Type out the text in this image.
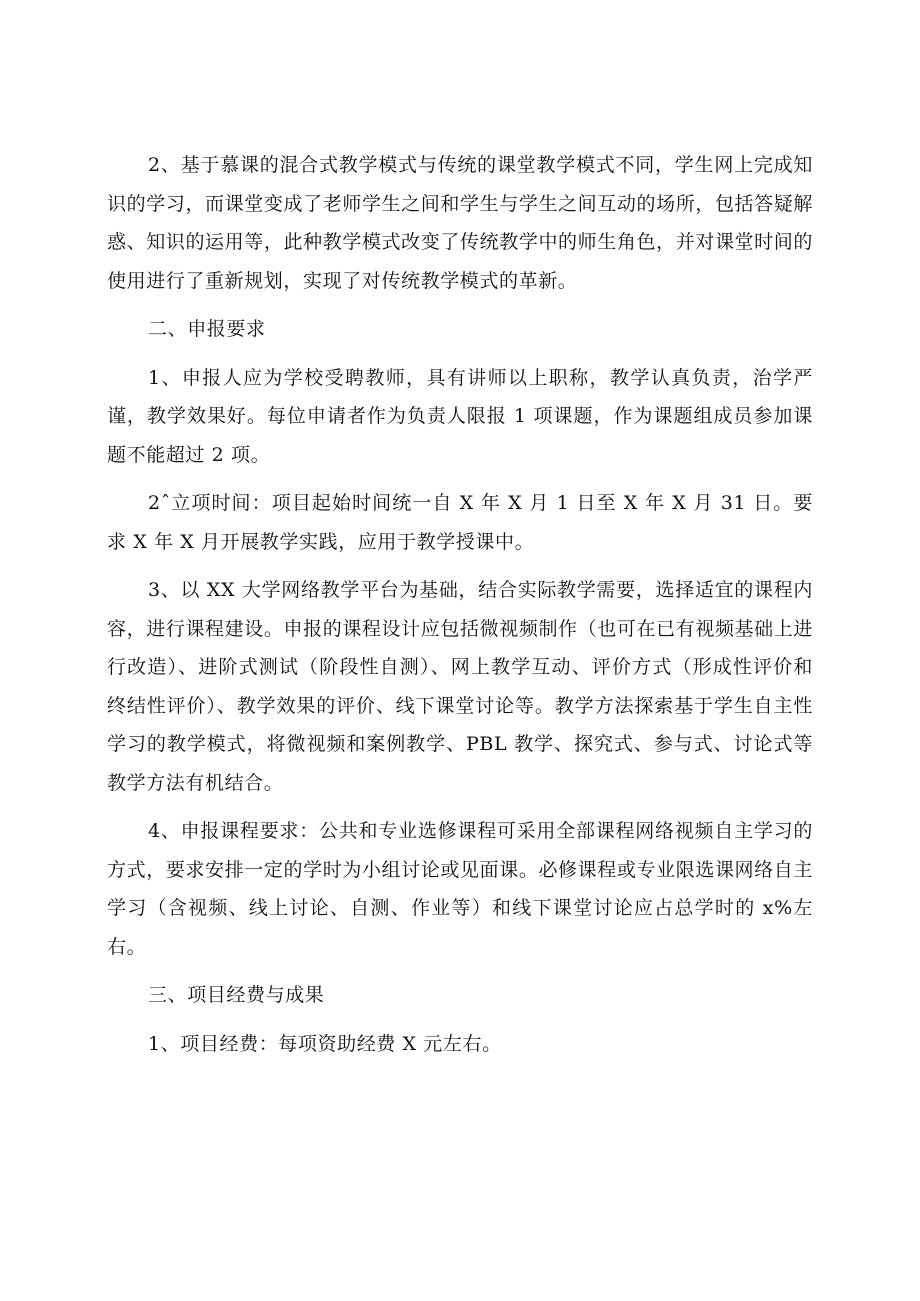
2、基于慕课的混合式教学模式与传统的课堂教学模式不同，学生网上完成知识的学习，而课堂变成了老师学生之间和学生与学生之间互动的场所，包括答疑解惑、知识的运用等，此种教学模式改变了传统教学中的师生角色，并对课堂时间的使用进行了重新规划，实现了对传统教学模式的革新。

二、申报要求

1、申报人应为学校受聘教师，具有讲师以上职称，教学认真负责，治学严谨，教学效果好。每位申请者作为负责人限报 1 项课题，作为课题组成员参加课题不能超过 2 项。

2ˆ立项时间：项目起始时间统一自 X 年 X 月 1 日至 X 年 X 月 31 日。要求 X 年 X 月开展教学实践，应用于教学授课中。

3、以 XX 大学网络教学平台为基础，结合实际教学需要，选择适宜的课程内容，进行课程建设。申报的课程设计应包括微视频制作（也可在已有视频基础上进行改造）、进阶式测试（阶段性自测）、网上教学互动、评价方式（形成性评价和终结性评价）、教学效果的评价、线下课堂讨论等。教学方法探索基于学生自主性学习的教学模式，将微视频和案例教学、PBL 教学、探究式、参与式、讨论式等教学方法有机结合。

4、申报课程要求：公共和专业选修课程可采用全部课程网络视频自主学习的方式，要求安排一定的学时为小组讨论或见面课。必修课程或专业限选课网络自主学习（含视频、线上讨论、自测、作业等）和线下课堂讨论应占总学时的 x%左右。

三、项目经费与成果

1、项目经费：每项资助经费 X 元左右。
